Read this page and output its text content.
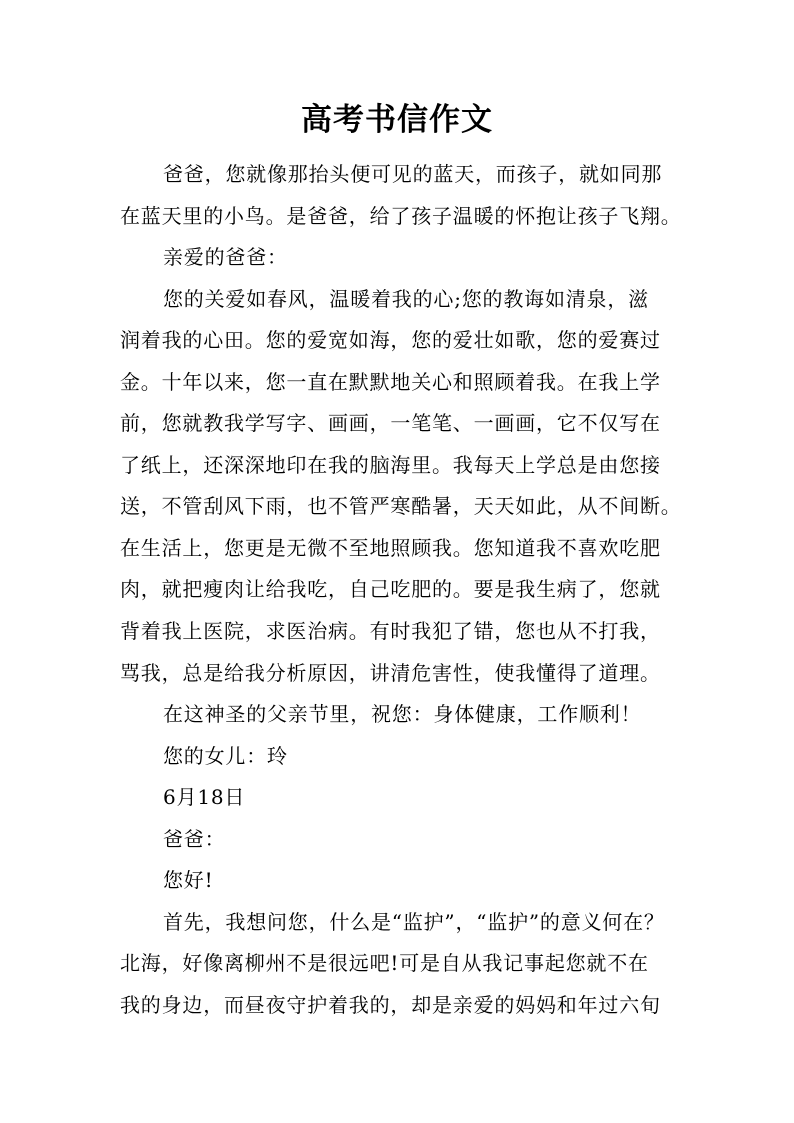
高考书信作文
爸爸，您就像那抬头便可见的蓝天，而孩子，就如同那
在蓝天里的小鸟。是爸爸，给了孩子温暖的怀抱让孩子飞翔。
亲爱的爸爸：
您的关爱如春风，温暖着我的心;您的教诲如清泉，滋
润着我的心田。您的爱宽如海，您的爱壮如歌，您的爱赛过
金。十年以来，您一直在默默地关心和照顾着我。在我上学
前，您就教我学写字、画画，一笔笔、一画画，它不仅写在
了纸上，还深深地印在我的脑海里。我每天上学总是由您接
送，不管刮风下雨，也不管严寒酷暑，天天如此，从不间断。
在生活上，您更是无微不至地照顾我。您知道我不喜欢吃肥
肉，就把瘦肉让给我吃，自己吃肥的。要是我生病了，您就
背着我上医院，求医治病。有时我犯了错，您也从不打我，
骂我，总是给我分析原因，讲清危害性，使我懂得了道理。
在这神圣的父亲节里，祝您：身体健康，工作顺利！
您的女儿：玲
6月18日
爸爸：
您好!
首先，我想问您，什么是“监护”，“监护”的意义何在？
北海，好像离柳州不是很远吧!可是自从我记事起您就不在
我的身边，而昼夜守护着我的，却是亲爱的妈妈和年过六旬
